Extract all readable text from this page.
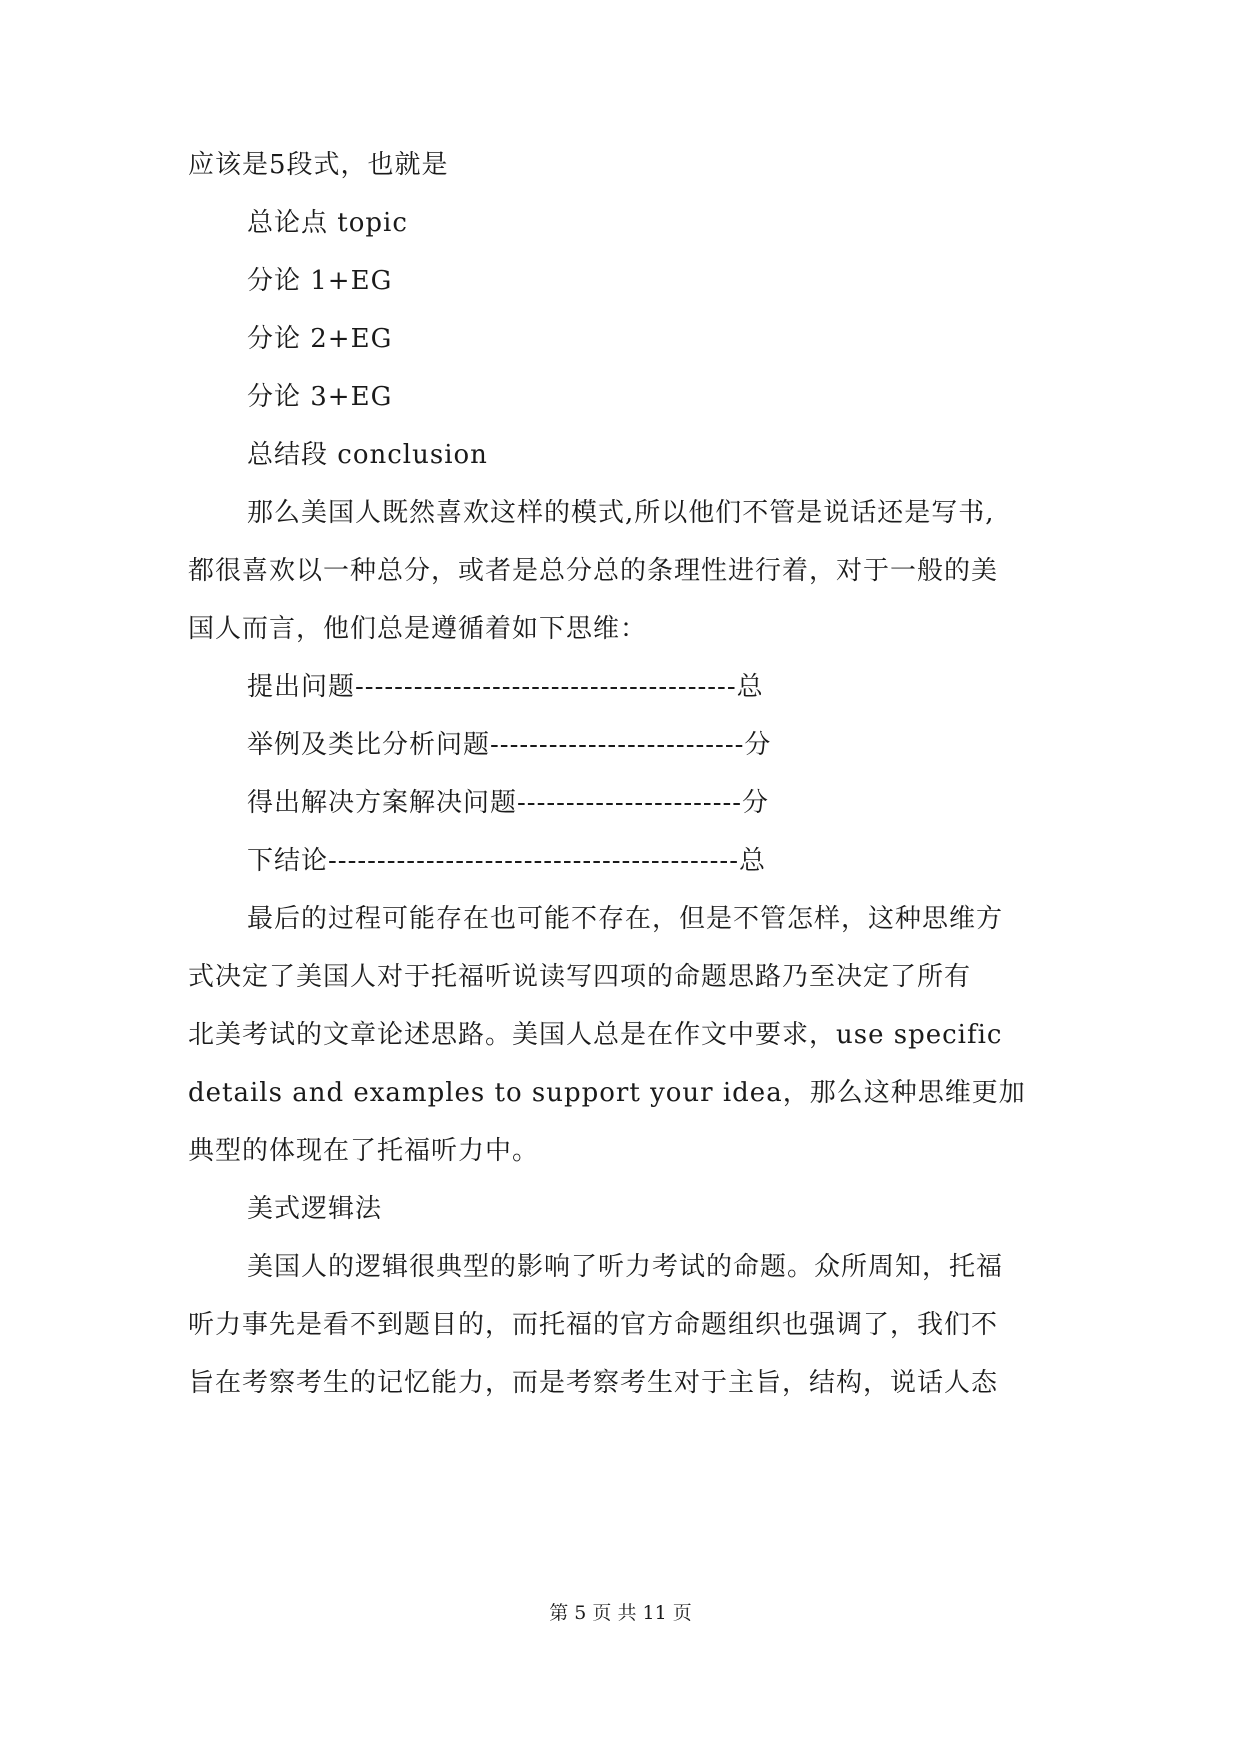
应该是5段式，也就是
总论点 topic
分论 1+EG
分论 2+EG
分论 3+EG
总结段 conclusion
那么美国人既然喜欢这样的模式,所以他们不管是说话还是写书,
都很喜欢以一种总分，或者是总分总的条理性进行着，对于一般的美
国人而言，他们总是遵循着如下思维：
提出问题---------------------------------------总
举例及类比分析问题--------------------------分
得出解决方案解决问题-----------------------分
下结论------------------------------------------总
最后的过程可能存在也可能不存在，但是不管怎样，这种思维方
式决定了美国人对于托福听说读写四项的命题思路乃至决定了所有
北美考试的文章论述思路。美国人总是在作文中要求，use specific
details and examples to support your idea，那么这种思维更加
典型的体现在了托福听力中。
美式逻辑法
美国人的逻辑很典型的影响了听力考试的命题。众所周知，托福
听力事先是看不到题目的，而托福的官方命题组织也强调了，我们不
旨在考察考生的记忆能力，而是考察考生对于主旨，结构，说话人态
第 5 页 共 11 页
